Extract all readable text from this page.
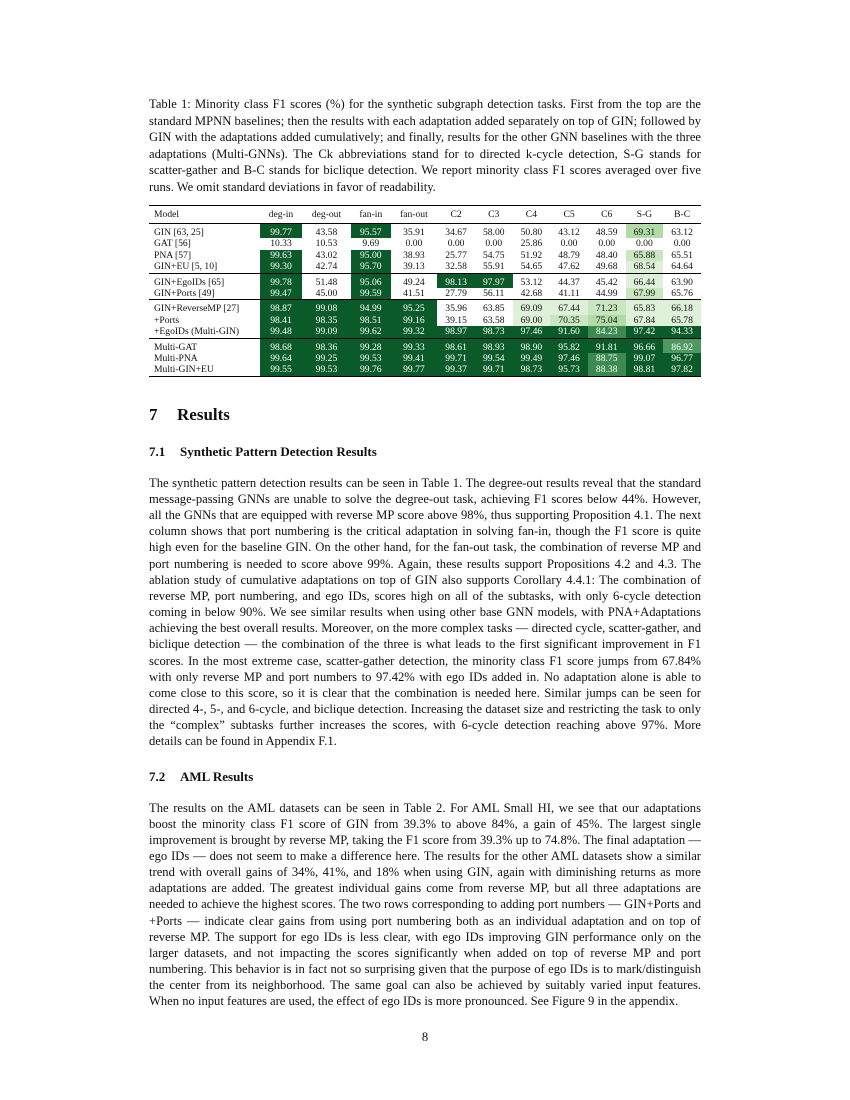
Table 1: Minority class F1 scores (%) for the synthetic subgraph detection tasks. First from the top are the standard MPNN baselines; then the results with each adaptation added separately on top of GIN; followed by GIN with the adaptations added cumulatively; and finally, results for the other GNN baselines with the three adaptations (Multi-GNNs). The Ck abbreviations stand for to directed k-cycle detection, S-G stands for scatter-gather and B-C stands for biclique detection. We report minority class F1 scores averaged over five runs. We omit standard deviations in favor of readability.

Model	deg-in	deg-out	fan-in	fan-out	C2	C3	C4	C5	C6	S-G	B-C
GIN [63, 25]	99.77	43.58	95.57	35.91	34.67	58.00	50.80	43.12	48.59	69.31	63.12
GAT [56]	10.33	10.53	9.69	0.00	0.00	0.00	25.86	0.00	0.00	0.00	0.00
PNA [57]	99.63	43.02	95.00	38.93	25.77	54.75	51.92	48.79	48.40	65.88	65.51
GIN+EU [5, 10]	99.30	42.74	95.70	39.13	32.58	55.91	54.65	47.62	49.68	68.54	64.64
GIN+EgoIDs [65]	99.78	51.48	95.06	49.24	98.13	97.97	53.12	44.37	45.42	66.44	63.90
GIN+Ports [49]	99.47	45.00	99.59	41.51	27.79	56.11	42.68	41.11	44.99	67.99	65.76
GIN+ReverseMP [27]	98.87	99.08	94.99	95.25	35.96	63.85	69.09	67.44	71.23	65.83	66.18
+Ports	98.41	98.35	98.51	99.16	39.15	63.58	69.00	70.35	75.04	67.84	65.78
+EgoIDs (Multi-GIN)	99.48	99.09	99.62	99.32	98.97	98.73	97.46	91.60	84.23	97.42	94.33
Multi-GAT	98.68	98.36	99.28	99.33	98.61	98.93	98.90	95.82	91.81	96.66	86.92
Multi-PNA	99.64	99.25	99.53	99.41	99.71	99.54	99.49	97.46	88.75	99.07	96.77
Multi-GIN+EU	99.55	99.53	99.76	99.77	99.37	99.71	98.73	95.73	88.38	98.81	97.82
7 Results
7.1 Synthetic Pattern Detection Results

The synthetic pattern detection results can be seen in Table 1. The degree-out results reveal that the standard message-passing GNNs are unable to solve the degree-out task, achieving F1 scores below 44%. However, all the GNNs that are equipped with reverse MP score above 98%, thus supporting Proposition 4.1. The next column shows that port numbering is the critical adaptation in solving fan-in, though the F1 score is quite high even for the baseline GIN. On the other hand, for the fan-out task, the combination of reverse MP and port numbering is needed to score above 99%. Again, these results support Propositions 4.2 and 4.3. The ablation study of cumulative adaptations on top of GIN also supports Corollary 4.4.1: The combination of reverse MP, port numbering, and ego IDs, scores high on all of the subtasks, with only 6-cycle detection coming in below 90%. We see similar results when using other base GNN models, with PNA+Adaptations achieving the best overall results. Moreover, on the more complex tasks — directed cycle, scatter-gather, and biclique detection — the combination of the three is what leads to the first significant improvement in F1 scores. In the most extreme case, scatter-gather detection, the minority class F1 score jumps from 67.84% with only reverse MP and port numbers to 97.42% with ego IDs added in. No adaptation alone is able to come close to this score, so it is clear that the combination is needed here. Similar jumps can be seen for directed 4-, 5-, and 6-cycle, and biclique detection. Increasing the dataset size and restricting the task to only the “complex” subtasks further increases the scores, with 6-cycle detection reaching above 97%. More details can be found in Appendix F.1.

7.2 AML Results

The results on the AML datasets can be seen in Table 2. For AML Small HI, we see that our adaptations boost the minority class F1 score of GIN from 39.3% to above 84%, a gain of 45%. The largest single improvement is brought by reverse MP, taking the F1 score from 39.3% up to 74.8%. The final adaptation — ego IDs — does not seem to make a difference here. The results for the other AML datasets show a similar trend with overall gains of 34%, 41%, and 18% when using GIN, again with diminishing returns as more adaptations are added. The greatest individual gains come from reverse MP, but all three adaptations are needed to achieve the highest scores. The two rows corresponding to adding port numbers — GIN+Ports and +Ports — indicate clear gains from using port numbering both as an individual adaptation and on top of reverse MP. The support for ego IDs is less clear, with ego IDs improving GIN performance only on the larger datasets, and not impacting the scores significantly when added on top of reverse MP and port numbering. This behavior is in fact not so surprising given that the purpose of ego IDs is to mark/distinguish the center from its neighborhood. The same goal can also be achieved by suitably varied input features. When no input features are used, the effect of ego IDs is more pronounced. See Figure 9 in the appendix.

8
